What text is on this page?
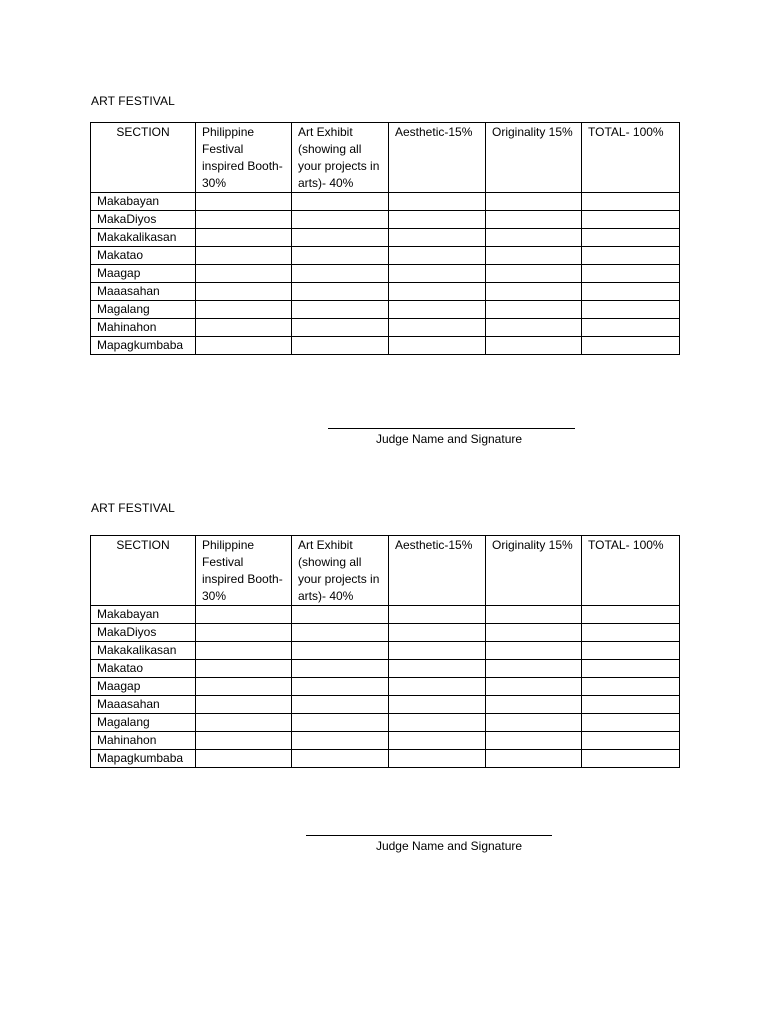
ART FESTIVAL
SECTION	Philippine Festival inspired Booth-30%	Art Exhibit (showing all your projects in arts)- 40%	Aesthetic-15%	Originality 15%	TOTAL- 100%
Makabayan					
MakaDiyos					
Makakalikasan					
Makatao					
Maagap					
Maaasahan					
Magalang					
Mahinahon					
Mapagkumbaba					
Judge Name and Signature
ART FESTIVAL
SECTION	Philippine Festival inspired Booth-30%	Art Exhibit (showing all your projects in arts)- 40%	Aesthetic-15%	Originality 15%	TOTAL- 100%
Makabayan					
MakaDiyos					
Makakalikasan					
Makatao					
Maagap					
Maaasahan					
Magalang					
Mahinahon					
Mapagkumbaba					
Judge Name and Signature
